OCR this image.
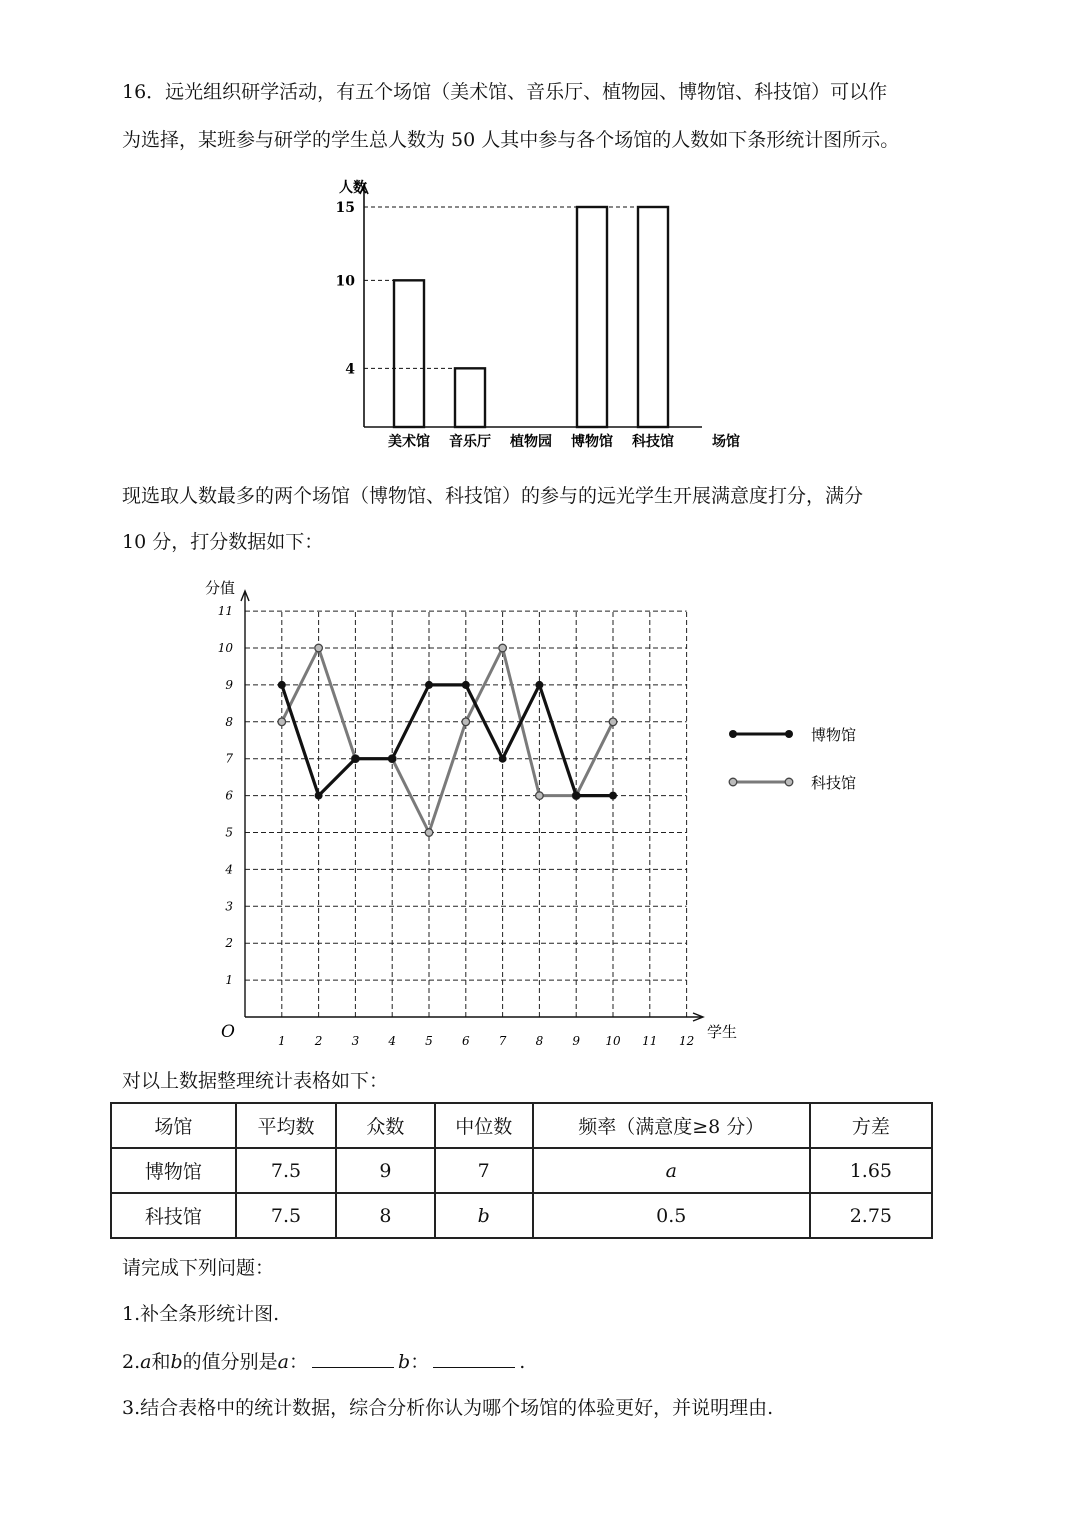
16．远光组织研学活动，有五个场馆（美术馆、音乐厅、植物园、博物馆、科技馆）可以作
为选择，某班参与研学的学生总人数为 50 人其中参与各个场馆的人数如下条形统计图所示。
人数
场馆
4
10
15
美术馆 音乐厅 植物园 博物馆 科技馆
现选取人数最多的两个场馆（博物馆、科技馆）的参与的远光学生开展满意度打分，满分
10 分，打分数据如下：
分值
学生
O
1
2
3
4
5
6
7
8
9
10
11
1 2 3 4 5 6 7 8 9 10 11 12
博物馆
科技馆
对以上数据整理统计表格如下：
场馆	平均数	众数	中位数	频率（满意度≥8 分）	方差
博物馆	7.5	9	7	a	1.65
科技馆	7.5	8	b	0.5	2.75
请完成下列问题：
1.补全条形统计图.
2.a和b的值分别是a：	b：	.
3.结合表格中的统计数据，综合分析你认为哪个场馆的体验更好，并说明理由.
